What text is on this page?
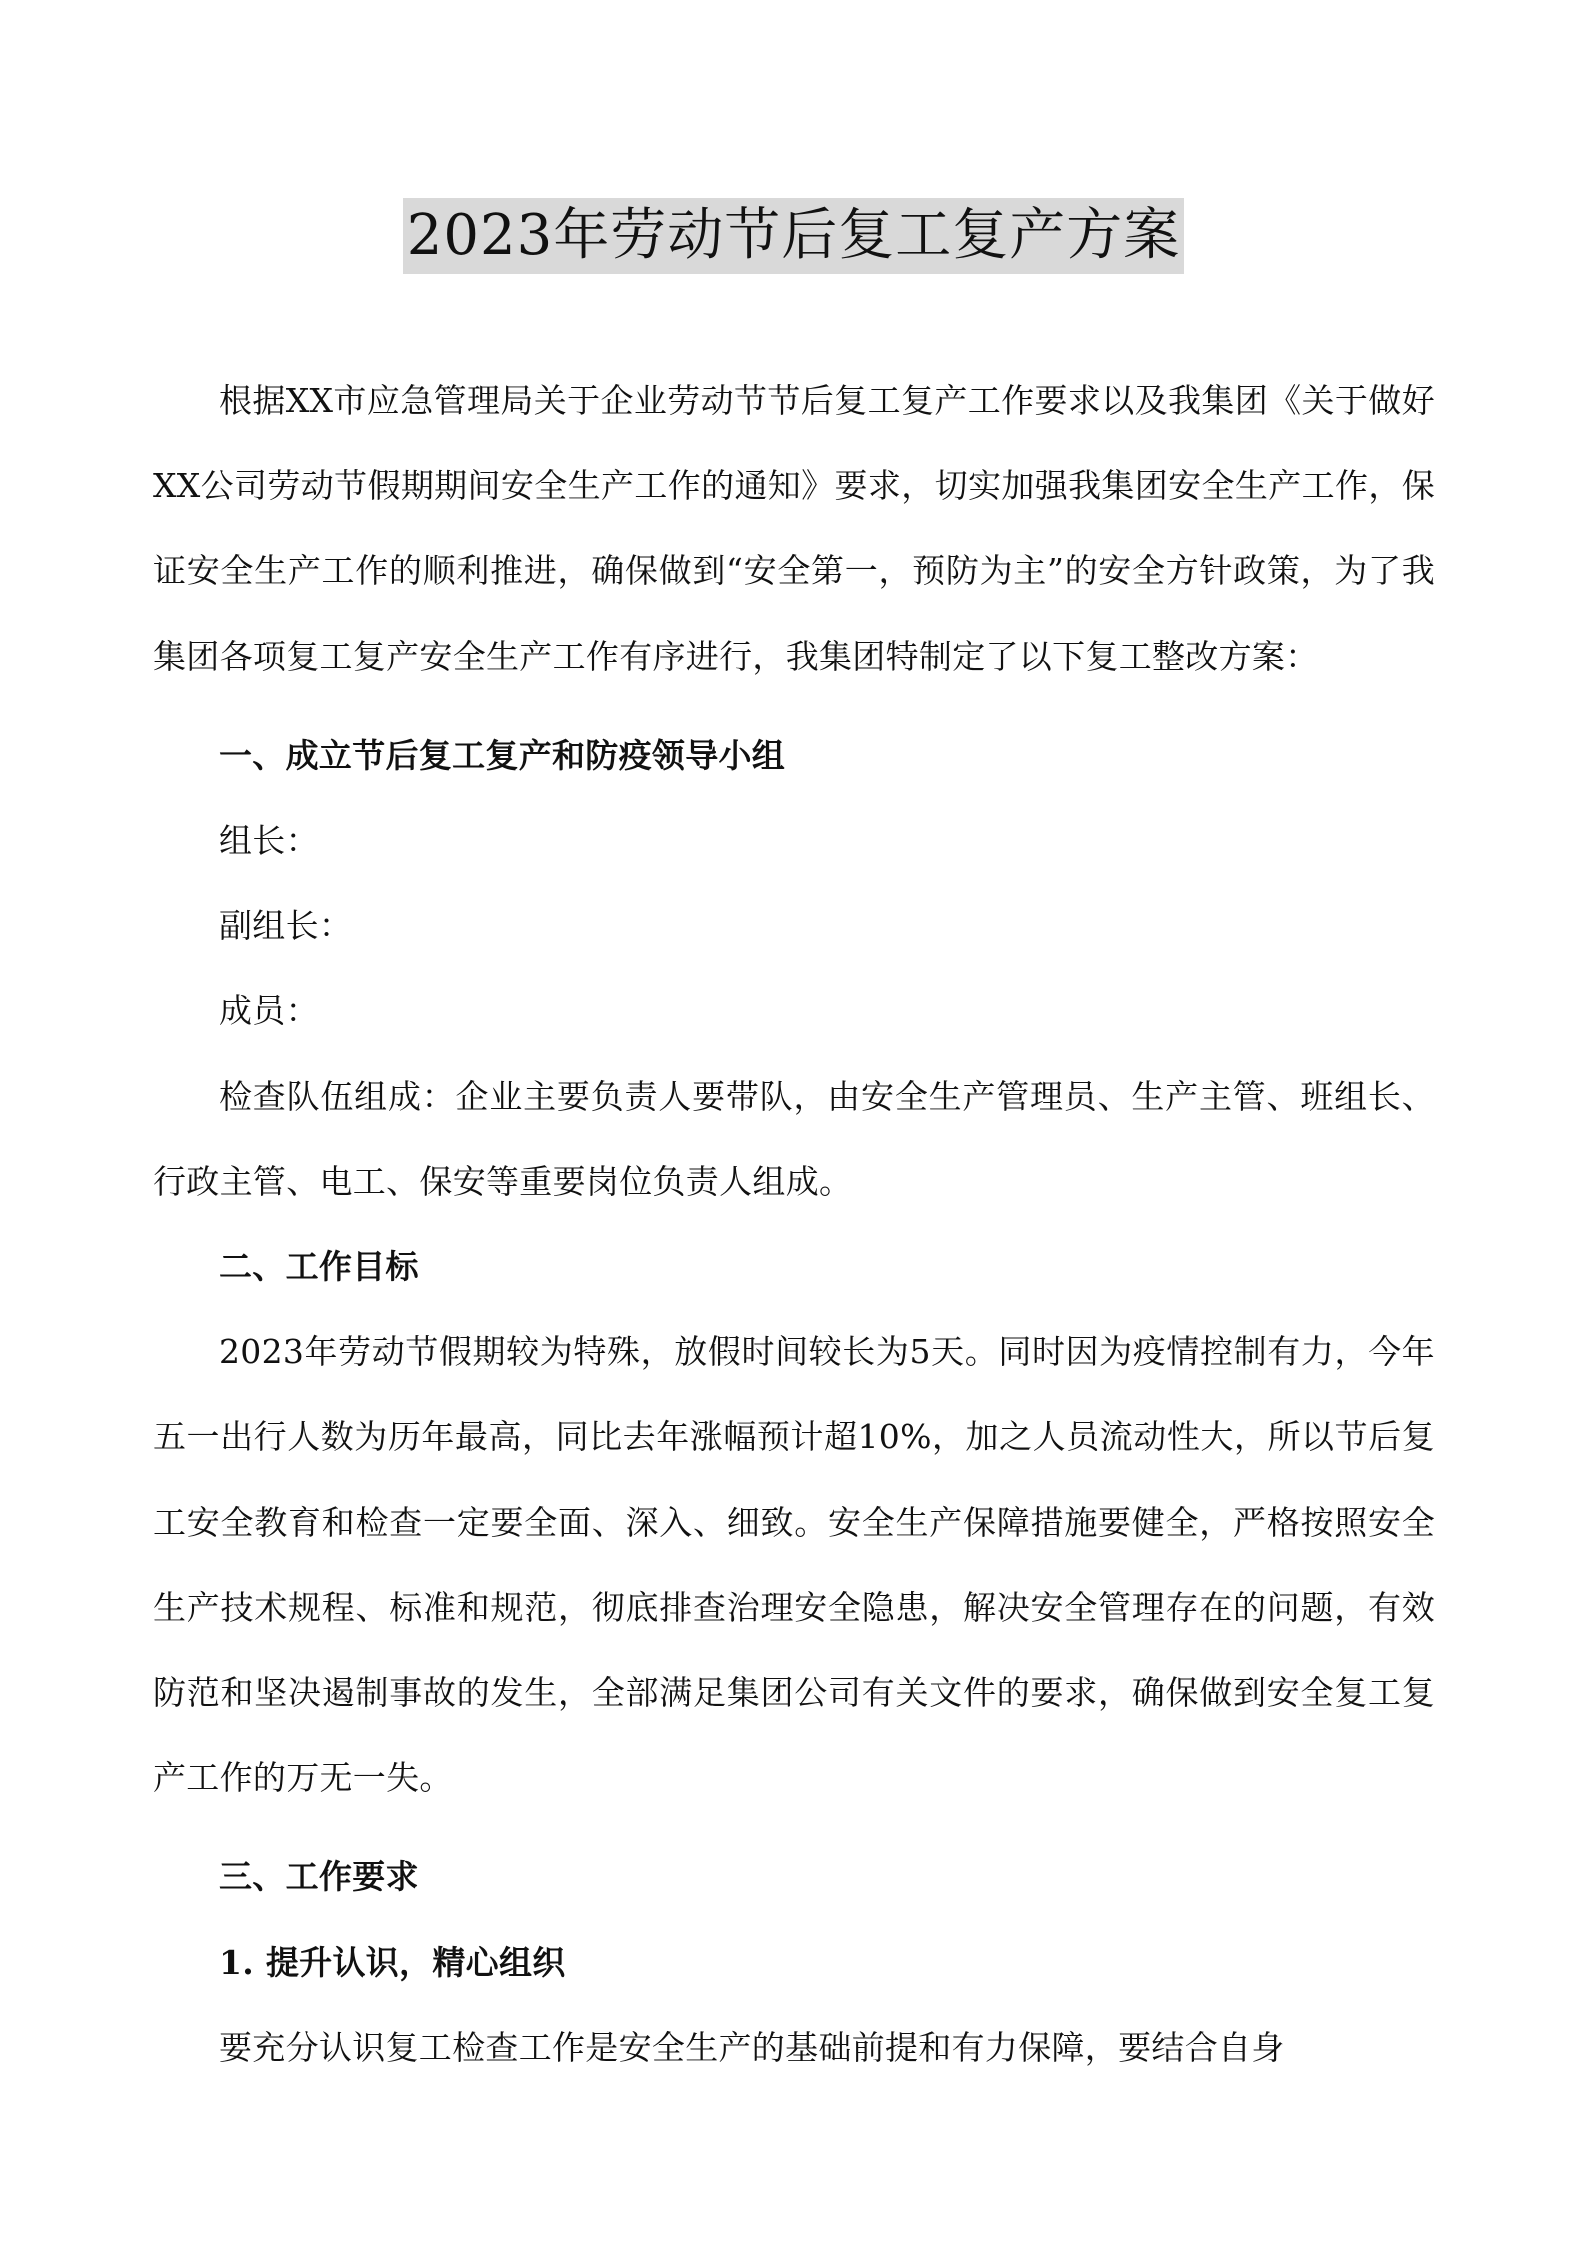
2023年劳动节后复工复产方案

根据XX市应急管理局关于企业劳动节节后复工复产工作要求以及我集团《关于做好XX公司劳动节假期期间安全生产工作的通知》要求，切实加强我集团安全生产工作，保证安全生产工作的顺利推进，确保做到“安全第一，预防为主”的安全方针政策，为了我集团各项复工复产安全生产工作有序进行，我集团特制定了以下复工整改方案：

一、成立节后复工复产和防疫领导小组

组长：

副组长：

成员：

检查队伍组成：企业主要负责人要带队，由安全生产管理员、生产主管、班组长、行政主管、电工、保安等重要岗位负责人组成。

二、工作目标

2023年劳动节假期较为特殊，放假时间较长为5天。同时因为疫情控制有力，今年五一出行人数为历年最高，同比去年涨幅预计超10%，加之人员流动性大，所以节后复工安全教育和检查一定要全面、深入、细致。安全生产保障措施要健全，严格按照安全生产技术规程、标准和规范，彻底排查治理安全隐患，解决安全管理存在的问题，有效防范和坚决遏制事故的发生，全部满足集团公司有关文件的要求，确保做到安全复工复产工作的万无一失。

三、工作要求

1. 提升认识，精心组织

要充分认识复工检查工作是安全生产的基础前提和有力保障，要结合自身
